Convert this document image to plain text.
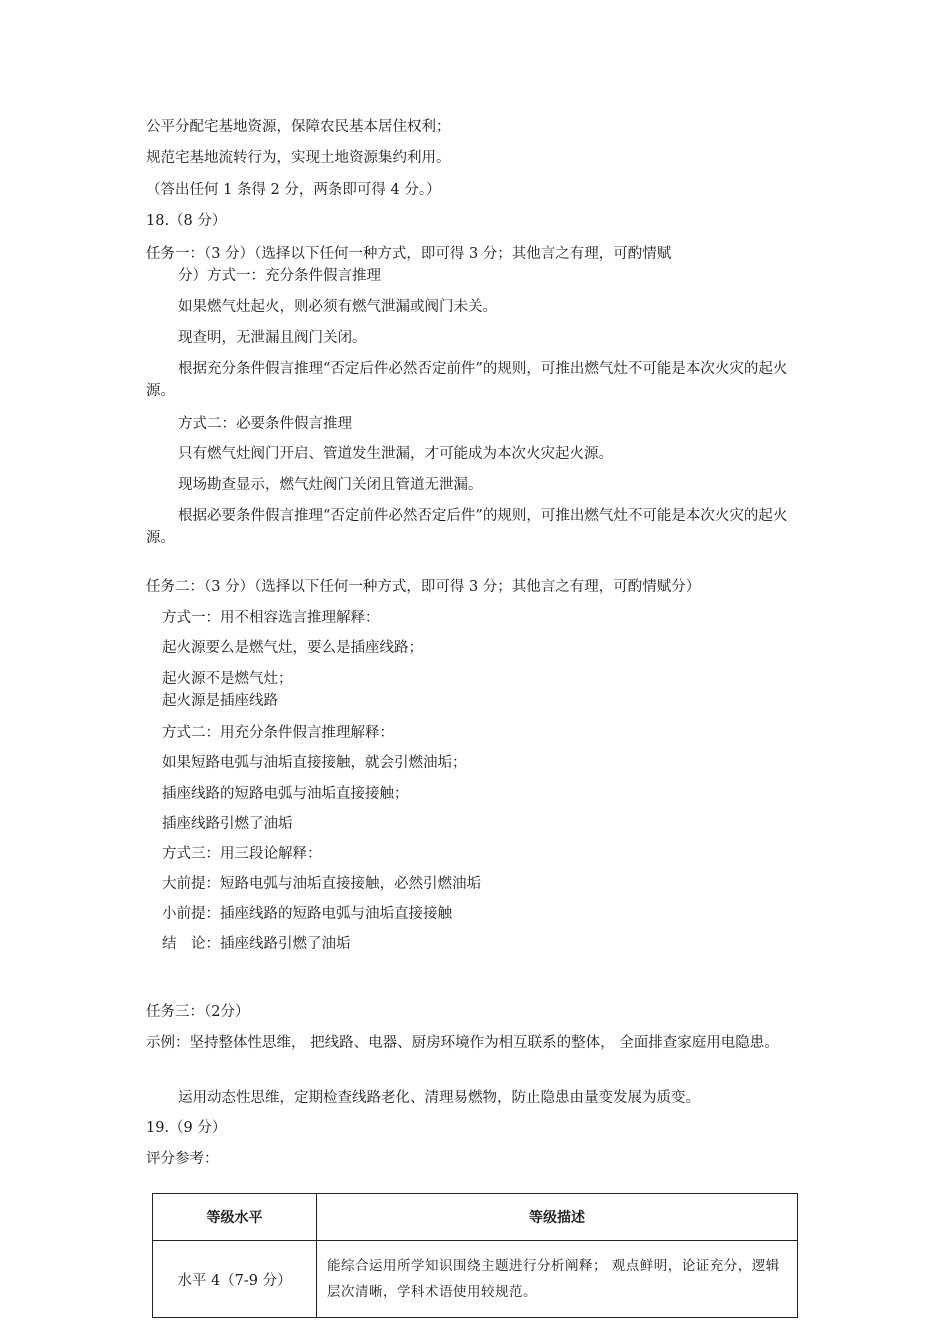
公平分配宅基地资源，保障农民基本居住权利；
规范宅基地流转行为，实现土地资源集约利用。
（答出任何 1 条得 2 分，两条即可得 4 分。）
18.（8 分）
任务一：（3 分）（选择以下任何一种方式，即可得 3 分；其他言之有理，可酌情赋
分）方式一：充分条件假言推理
如果燃气灶起火，则必须有燃气泄漏或阀门未关。
现查明，无泄漏且阀门关闭。
根据充分条件假言推理“否定后件必然否定前件”的规则，可推出燃气灶不可能是本次火灾的起火源。
方式二：必要条件假言推理
只有燃气灶阀门开启、管道发生泄漏，才可能成为本次火灾起火源。
现场勘查显示，燃气灶阀门关闭且管道无泄漏。
根据必要条件假言推理“否定前件必然否定后件”的规则，可推出燃气灶不可能是本次火灾的起火源。
任务二：（3 分）（选择以下任何一种方式，即可得 3 分；其他言之有理，可酌情赋分）
方式一：用不相容选言推理解释：
起火源要么是燃气灶，要么是插座线路；
起火源不是燃气灶；
起火源是插座线路
方式二：用充分条件假言推理解释：
如果短路电弧与油垢直接接触，就会引燃油垢；
插座线路的短路电弧与油垢直接接触；
插座线路引燃了油垢
方式三：用三段论解释：
大前提：短路电弧与油垢直接接触，必然引燃油垢
小前提：插座线路的短路电弧与油垢直接接触
结　论：插座线路引燃了油垢
任务三：（2分）
示例：坚持整体性思维， 把线路、电器、厨房环境作为相互联系的整体， 全面排查家庭用电隐患。
运用动态性思维，定期检查线路老化、清理易燃物，防止隐患由量变发展为质变。
19.（9 分）
评分参考：
等级水平	等级描述
水平 4（7-9 分）	能综合运用所学知识围绕主题进行分析阐释； 观点鲜明，论证充分，逻辑层次清晰，学科术语使用较规范。
